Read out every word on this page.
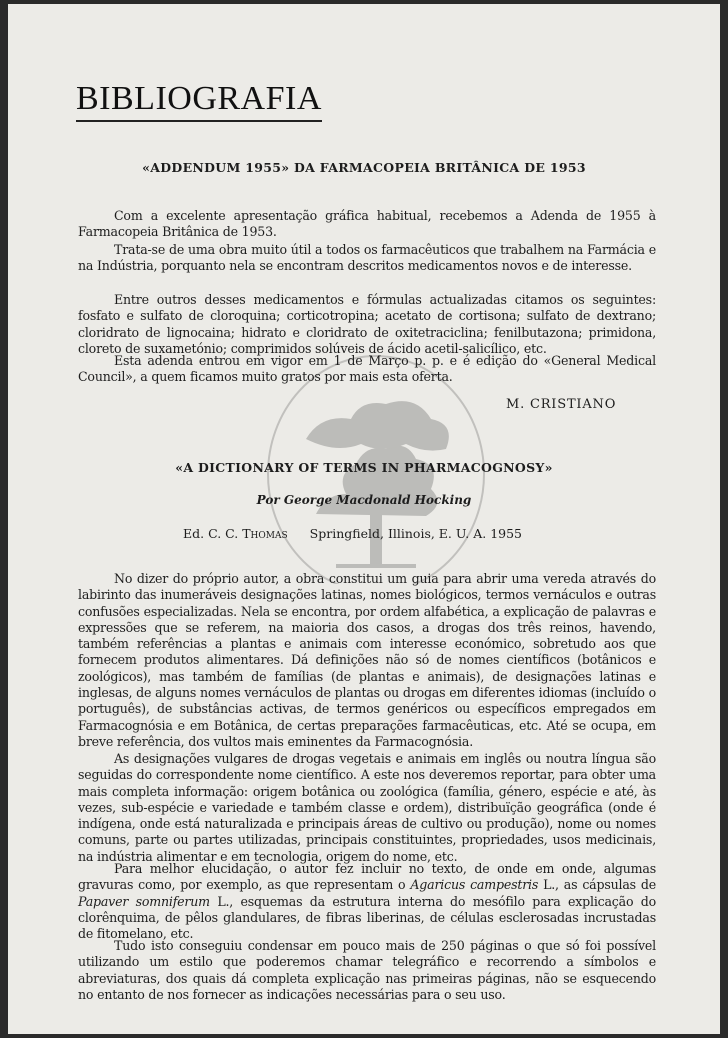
BIBLIOGRAFIA
«ADDENDUM 1955» DA FARMACOPEIA BRITÂNICA DE 1953

Com a excelente apresentação gráfica habitual, recebemos a Adenda de 1955 à Farmacopeia Britânica de 1953.

Trata-se de uma obra muito útil a todos os farmacêuticos que trabalhem na Farmácia e na Indústria, porquanto nela se encontram descritos medicamentos novos e de interesse.

Entre outros desses medicamentos e fórmulas actualizadas citamos os seguintes: fosfato e sulfato de cloroquina; corticotropina; acetato de cortisona; sulfato de dextrano; cloridrato de lignocaina; hidrato e cloridrato de oxitetraciclina; fenilbutazona; primidona, cloreto de suxametónio; comprimidos solúveis de ácido acetil-salicílico, etc.

Esta adenda entrou em vigor em 1 de Março p. p. e é edição do «General Medical Council», a quem ficamos muito gratos por mais esta oferta.

M. CRISTIANO
«A DICTIONARY OF TERMS IN PHARMACOGNOSY»
Por George Macdonald Hocking
Ed. C. C. Thomas Springfield, Illinois, E. U. A. 1955

No dizer do próprio autor, a obra constitui um guia para abrir uma vereda através do labirinto das inumeráveis designações latinas, nomes biológicos, termos vernáculos e outras confusões especializadas. Nela se encontra, por ordem alfabética, a explicação de palavras e expressões que se referem, na maioria dos casos, a drogas dos três reinos, havendo, também referências a plantas e animais com interesse económico, sobretudo aos que fornecem produtos alimentares. Dá definições não só de nomes científicos (botânicos e zoológicos), mas também de famílias (de plantas e animais), de designações latinas e inglesas, de alguns nomes vernáculos de plantas ou drogas em diferentes idiomas (incluído o português), de substâncias activas, de termos genéricos ou específicos empregados em Farmacognósia e em Botânica, de certas preparações farmacêuticas, etc. Até se ocupa, em breve referência, dos vultos mais eminentes da Farmacognósia.

As designações vulgares de drogas vegetais e animais em inglês ou noutra língua são seguidas do correspondente nome científico. A este nos deveremos reportar, para obter uma mais completa informação: origem botânica ou zoológica (família, género, espécie e até, às vezes, sub-espécie e variedade e também classe e ordem), distribuïção geográfica (onde é indígena, onde está naturalizada e principais áreas de cultivo ou produção), nome ou nomes comuns, parte ou partes utilizadas, principais constituintes, propriedades, usos medicinais, na indústria alimentar e em tecnologia, origem do nome, etc.

Para melhor elucidação, o autor fez incluir no texto, de onde em onde, algumas gravuras como, por exemplo, as que representam o Agaricus campestris L., as cápsulas de Papaver somniferum L., esquemas da estrutura interna do mesófilo para explicação do clorênquima, de pêlos glandulares, de fibras liberinas, de células esclerosadas incrustadas de fitomelano, etc.

Tudo isto conseguiu condensar em pouco mais de 250 páginas o que só foi possível utilizando um estilo que poderemos chamar telegráfico e recorrendo a símbolos e abreviaturas, dos quais dá completa explicação nas primeiras páginas, não se esquecendo no entanto de nos fornecer as indicações necessárias para o seu uso.
